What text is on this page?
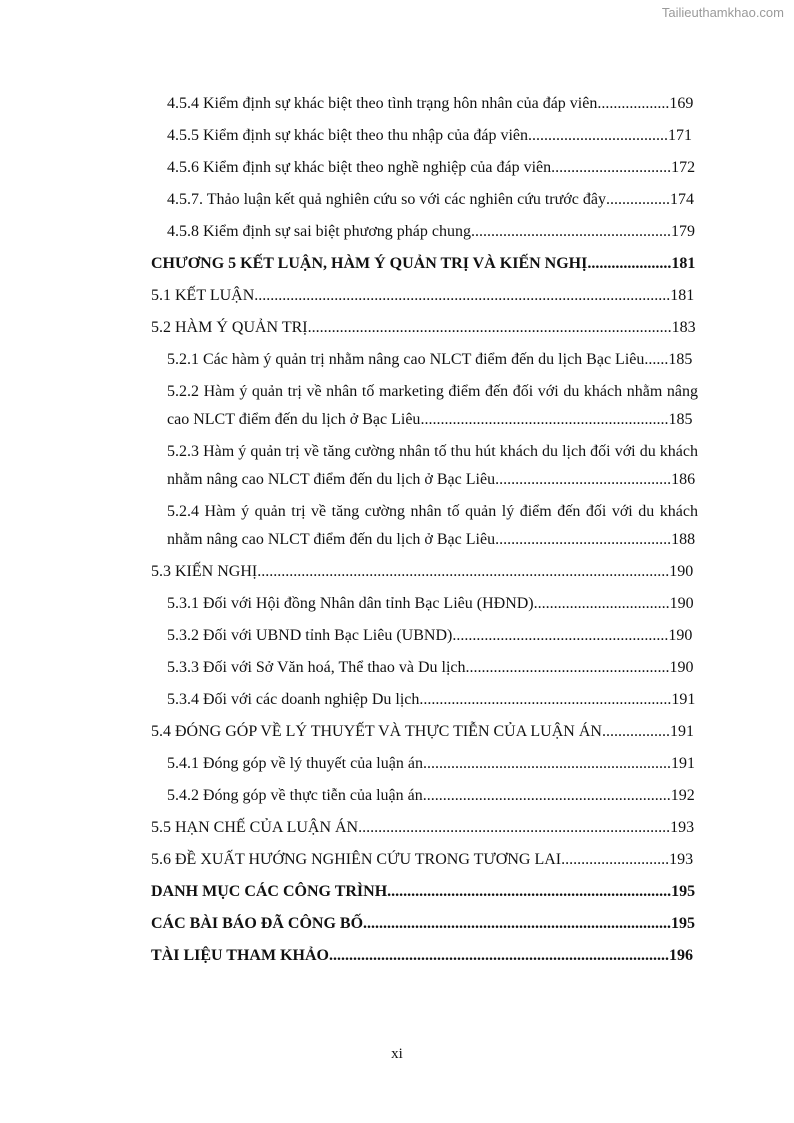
Tailieuthamkhao.com
4.5.4 Kiểm định sự khác biệt theo tình trạng hôn nhân của đáp viên..................169
4.5.5 Kiểm định sự khác biệt theo thu nhập của đáp viên...................................171
4.5.6 Kiểm định sự khác biệt theo nghề nghiệp của đáp viên..............................172
4.5.7. Thảo luận kết quả nghiên cứu so với các nghiên cứu trước đây................174
4.5.8 Kiểm định sự sai biệt phương pháp chung..................................................179
CHƯƠNG 5 KẾT LUẬN, HÀM Ý QUẢN TRỊ VÀ KIẾN NGHỊ.....................181
5.1 KẾT LUẬN........................................................................................................181
5.2 HÀM Ý QUẢN TRỊ...........................................................................................183
5.2.1 Các hàm ý quản trị nhằm nâng cao NLCT điểm đến du lịch Bạc Liêu......185
5.2.2 Hàm ý quản trị về nhân tố marketing điểm đến đối với du khách nhằm nâng cao NLCT điểm đến du lịch ở Bạc Liêu..............................................................185
5.2.3 Hàm ý quản trị về tăng cường nhân tố thu hút khách du lịch đối với du khách nhằm nâng cao NLCT điểm đến du lịch ở Bạc Liêu............................................186
5.2.4 Hàm ý quản trị về tăng cường nhân tố quản lý điểm đến đối với du khách nhằm nâng cao NLCT điểm đến du lịch ở Bạc Liêu............................................188
5.3 KIẾN NGHỊ.......................................................................................................190
5.3.1 Đối với Hội đồng Nhân dân tỉnh Bạc Liêu (HĐND)..................................190
5.3.2 Đối với UBND tỉnh Bạc Liêu (UBND)......................................................190
5.3.3 Đối với Sở Văn hoá, Thể thao và Du lịch...................................................190
5.3.4 Đối với các doanh nghiệp Du lịch...............................................................191
5.4 ĐÓNG GÓP VỀ LÝ THUYẾT VÀ THỰC TIỄN CỦA LUẬN ÁN.................191
5.4.1 Đóng góp về lý thuyết của luận án..............................................................191
5.4.2 Đóng góp về thực tiễn của luận án..............................................................192
5.5 HẠN CHẾ CỦA LUẬN ÁN..............................................................................193
5.6 ĐỀ XUẤT HƯỚNG NGHIÊN CỨU TRONG TƯƠNG LAI...........................193
DANH MỤC CÁC CÔNG TRÌNH.......................................................................195
CÁC BÀI BÁO ĐÃ CÔNG BỐ.............................................................................195
TÀI LIỆU THAM KHẢO.....................................................................................196
xi
